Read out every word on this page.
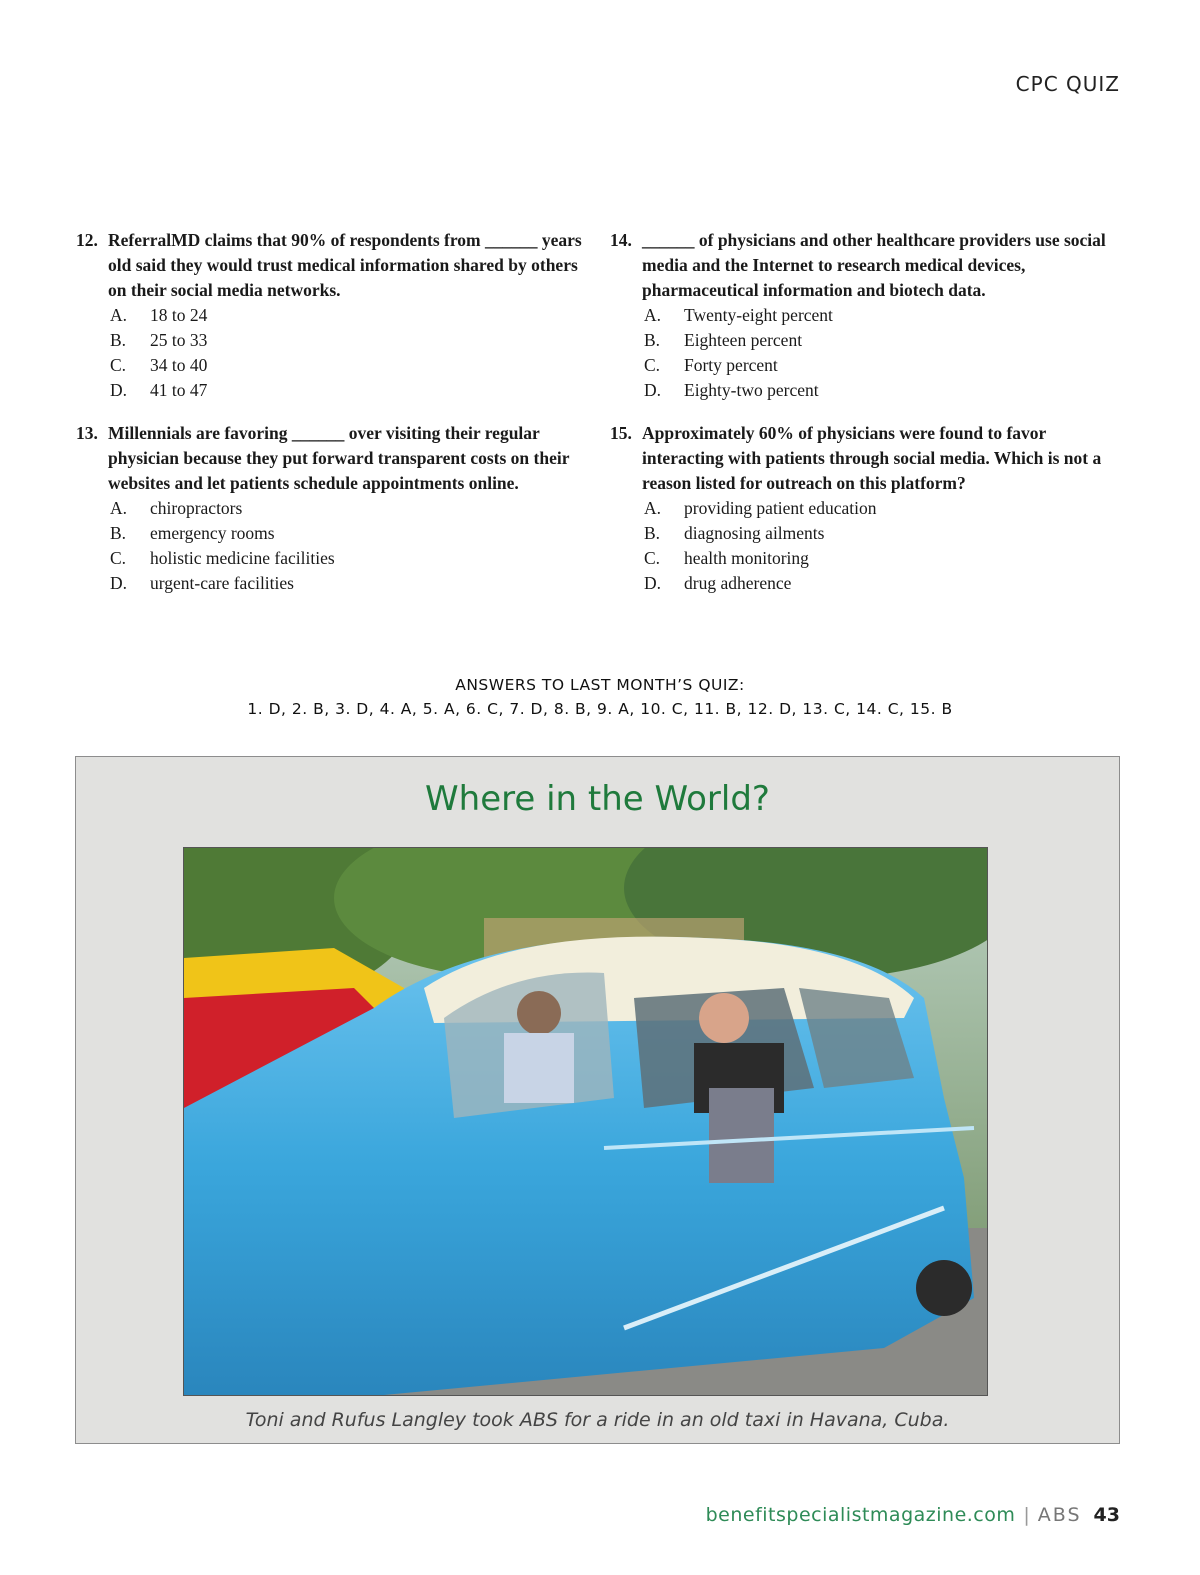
CPC QUIZ
12. ReferralMD claims that 90% of respondents from ______ years old said they would trust medical information shared by others on their social media networks.
A.	18 to 24
B.	25 to 33
C.	34 to 40
D.	41 to 47
13. Millennials are favoring ______ over visiting their regular physician because they put forward transparent costs on their websites and let patients schedule appointments online.
A.	chiropractors
B.	emergency rooms
C.	holistic medicine facilities
D.	urgent-care facilities
14. ______ of physicians and other healthcare providers use social media and the Internet to research medical devices, pharmaceutical information and biotech data.
A.	Twenty-eight percent
B.	Eighteen percent
C.	Forty percent
D.	Eighty-two percent
15. Approximately 60% of physicians were found to favor interacting with patients through social media. Which is not a reason listed for outreach on this platform?
A.	providing patient education
B.	diagnosing ailments
C.	health monitoring
D.	drug adherence
ANSWERS TO LAST MONTH’S QUIZ:
1. D, 2. B, 3. D, 4. A, 5. A, 6. C, 7. D, 8. B, 9. A, 10. C, 11. B, 12. D, 13. C, 14. C, 15. B
Where in the World?
Toni and Rufus Langley took ABS for a ride in an old taxi in Havana, Cuba.
benefitspecialistmagazine.com | ABS 43
